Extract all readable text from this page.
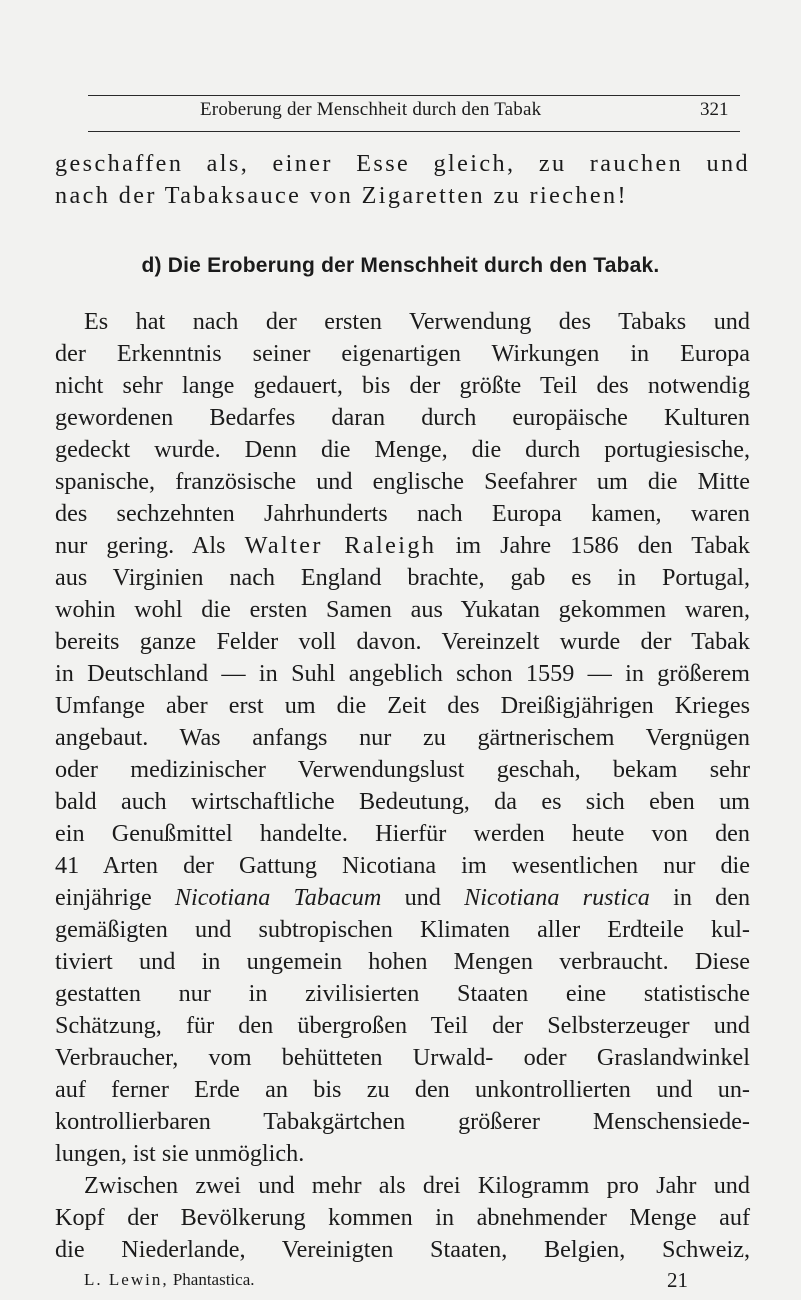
Eroberung der Menschheit durch den Tabak	321
geschaffen als, einer Esse gleich, zu rauchen und
nach der Tabaksauce von Zigaretten zu riechen!
d) Die Eroberung der Menschheit durch den Tabak.
Es hat nach der ersten Verwendung des Tabaks und
der Erkenntnis seiner eigenartigen Wirkungen in Europa
nicht sehr lange gedauert, bis der größte Teil des notwendig
gewordenen Bedarfes daran durch europäische Kulturen
gedeckt wurde. Denn die Menge, die durch portugiesische,
spanische, französische und englische Seefahrer um die Mitte
des sechzehnten Jahrhunderts nach Europa kamen, waren
nur gering. Als Walter Raleigh im Jahre 1586 den Tabak
aus Virginien nach England brachte, gab es in Portugal,
wohin wohl die ersten Samen aus Yukatan gekommen waren,
bereits ganze Felder voll davon. Vereinzelt wurde der Tabak
in Deutschland — in Suhl angeblich schon 1559 — in größerem
Umfange aber erst um die Zeit des Dreißigjährigen Krieges
angebaut. Was anfangs nur zu gärtnerischem Vergnügen
oder medizinischer Verwendungslust geschah, bekam sehr
bald auch wirtschaftliche Bedeutung, da es sich eben um
ein Genußmittel handelte. Hierfür werden heute von den
41 Arten der Gattung Nicotiana im wesentlichen nur die
einjährige Nicotiana Tabacum und Nicotiana rustica in den
gemäßigten und subtropischen Klimaten aller Erdteile kul-
tiviert und in ungemein hohen Mengen verbraucht. Diese
gestatten nur in zivilisierten Staaten eine statistische
Schätzung, für den übergroßen Teil der Selbsterzeuger und
Verbraucher, vom behütteten Urwald- oder Graslandwinkel
auf ferner Erde an bis zu den unkontrollierten und un-
kontrollierbaren Tabakgärtchen größerer Menschensiede-
lungen, ist sie unmöglich.
Zwischen zwei und mehr als drei Kilogramm pro Jahr und
Kopf der Bevölkerung kommen in abnehmender Menge auf
die Niederlande, Vereinigten Staaten, Belgien, Schweiz,
L. Lewin, Phantastica.	21
